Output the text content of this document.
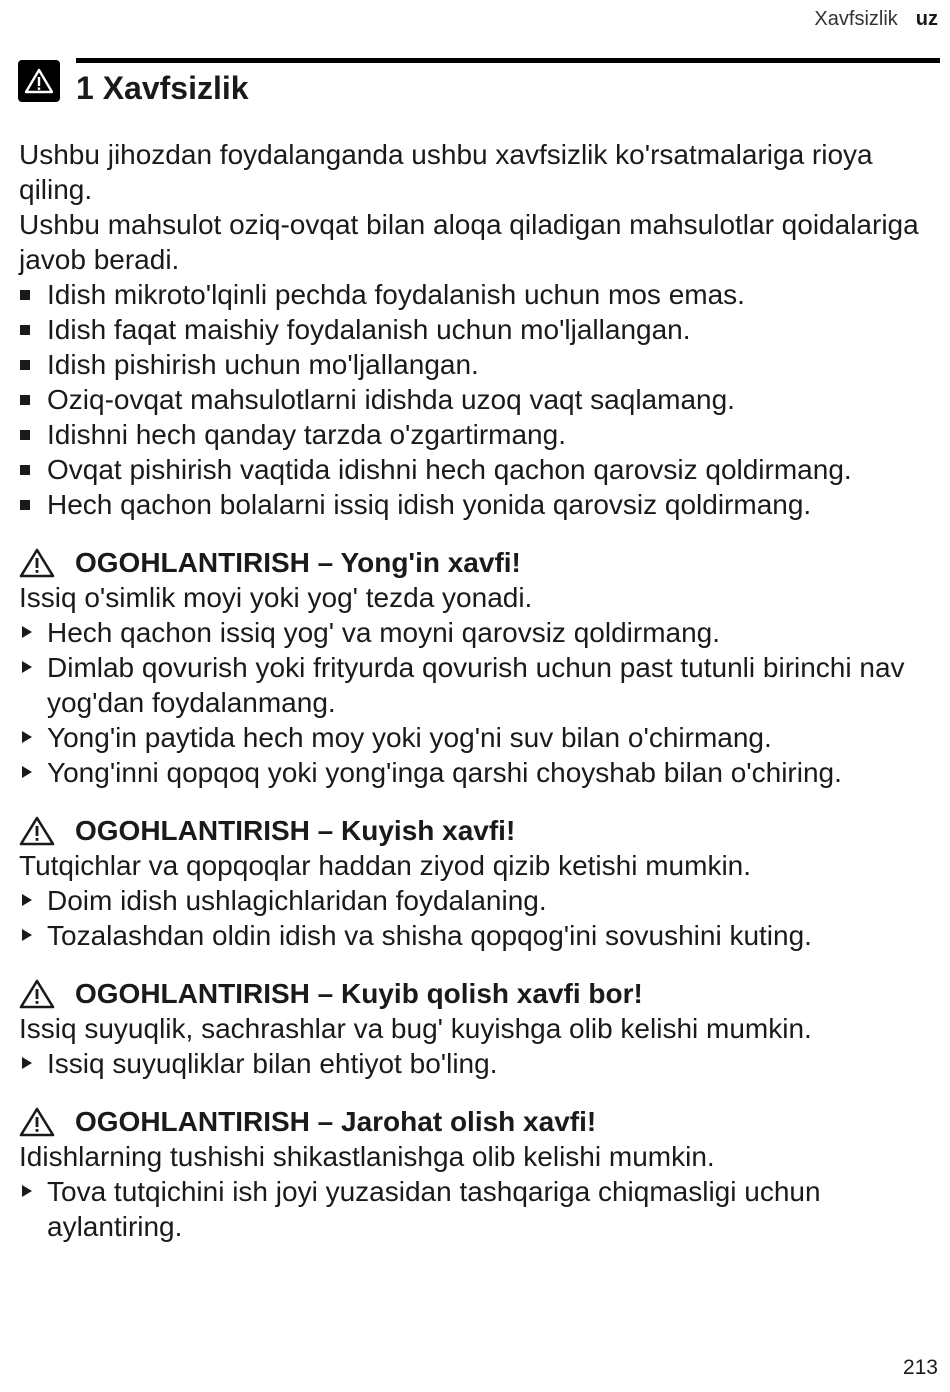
Xavfsizlik uz
1 Xavfsizlik

Ushbu jihozdan foydalanganda ushbu xavfsizlik ko'rsatmalariga rioya qiling.

Ushbu mahsulot oziq-ovqat bilan aloqa qiladigan mahsulotlar qoidalariga javob beradi.

Idish mikroto'lqinli pechda foydalanish uchun mos emas.
Idish faqat maishiy foydalanish uchun mo'ljallangan.
Idish pishirish uchun mo'ljallangan.
Oziq-ovqat mahsulotlarni idishda uzoq vaqt saqlamang.
Idishni hech qanday tarzda o'zgartirmang.
Ovqat pishirish vaqtida idishni hech qachon qarovsiz qoldirmang.
Hech qachon bolalarni issiq idish yonida qarovsiz qoldirmang.
OGOHLANTIRISH – Yong'in xavfi!

Issiq o'simlik moyi yoki yog' tezda yonadi.

Hech qachon issiq yog' va moyni qarovsiz qoldirmang.
Dimlab qovurish yoki frityurda qovurish uchun past tutunli birinchi nav yog'dan foydalanmang.
Yong'in paytida hech moy yoki yog'ni suv bilan o'chirmang.
Yong'inni qopqoq yoki yong'inga qarshi choyshab bilan o'chiring.
OGOHLANTIRISH – Kuyish xavfi!

Tutqichlar va qopqoqlar haddan ziyod qizib ketishi mumkin.

Doim idish ushlagichlaridan foydalaning.
Tozalashdan oldin idish va shisha qopqog'ini sovushini kuting.
OGOHLANTIRISH – Kuyib qolish xavfi bor!

Issiq suyuqlik, sachrashlar va bug' kuyishga olib kelishi mumkin.

Issiq suyuqliklar bilan ehtiyot bo'ling.
OGOHLANTIRISH – Jarohat olish xavfi!

Idishlarning tushishi shikastlanishga olib kelishi mumkin.

Tova tutqichini ish joyi yuzasidan tashqariga chiqmasligi uchun aylantiring.
213
